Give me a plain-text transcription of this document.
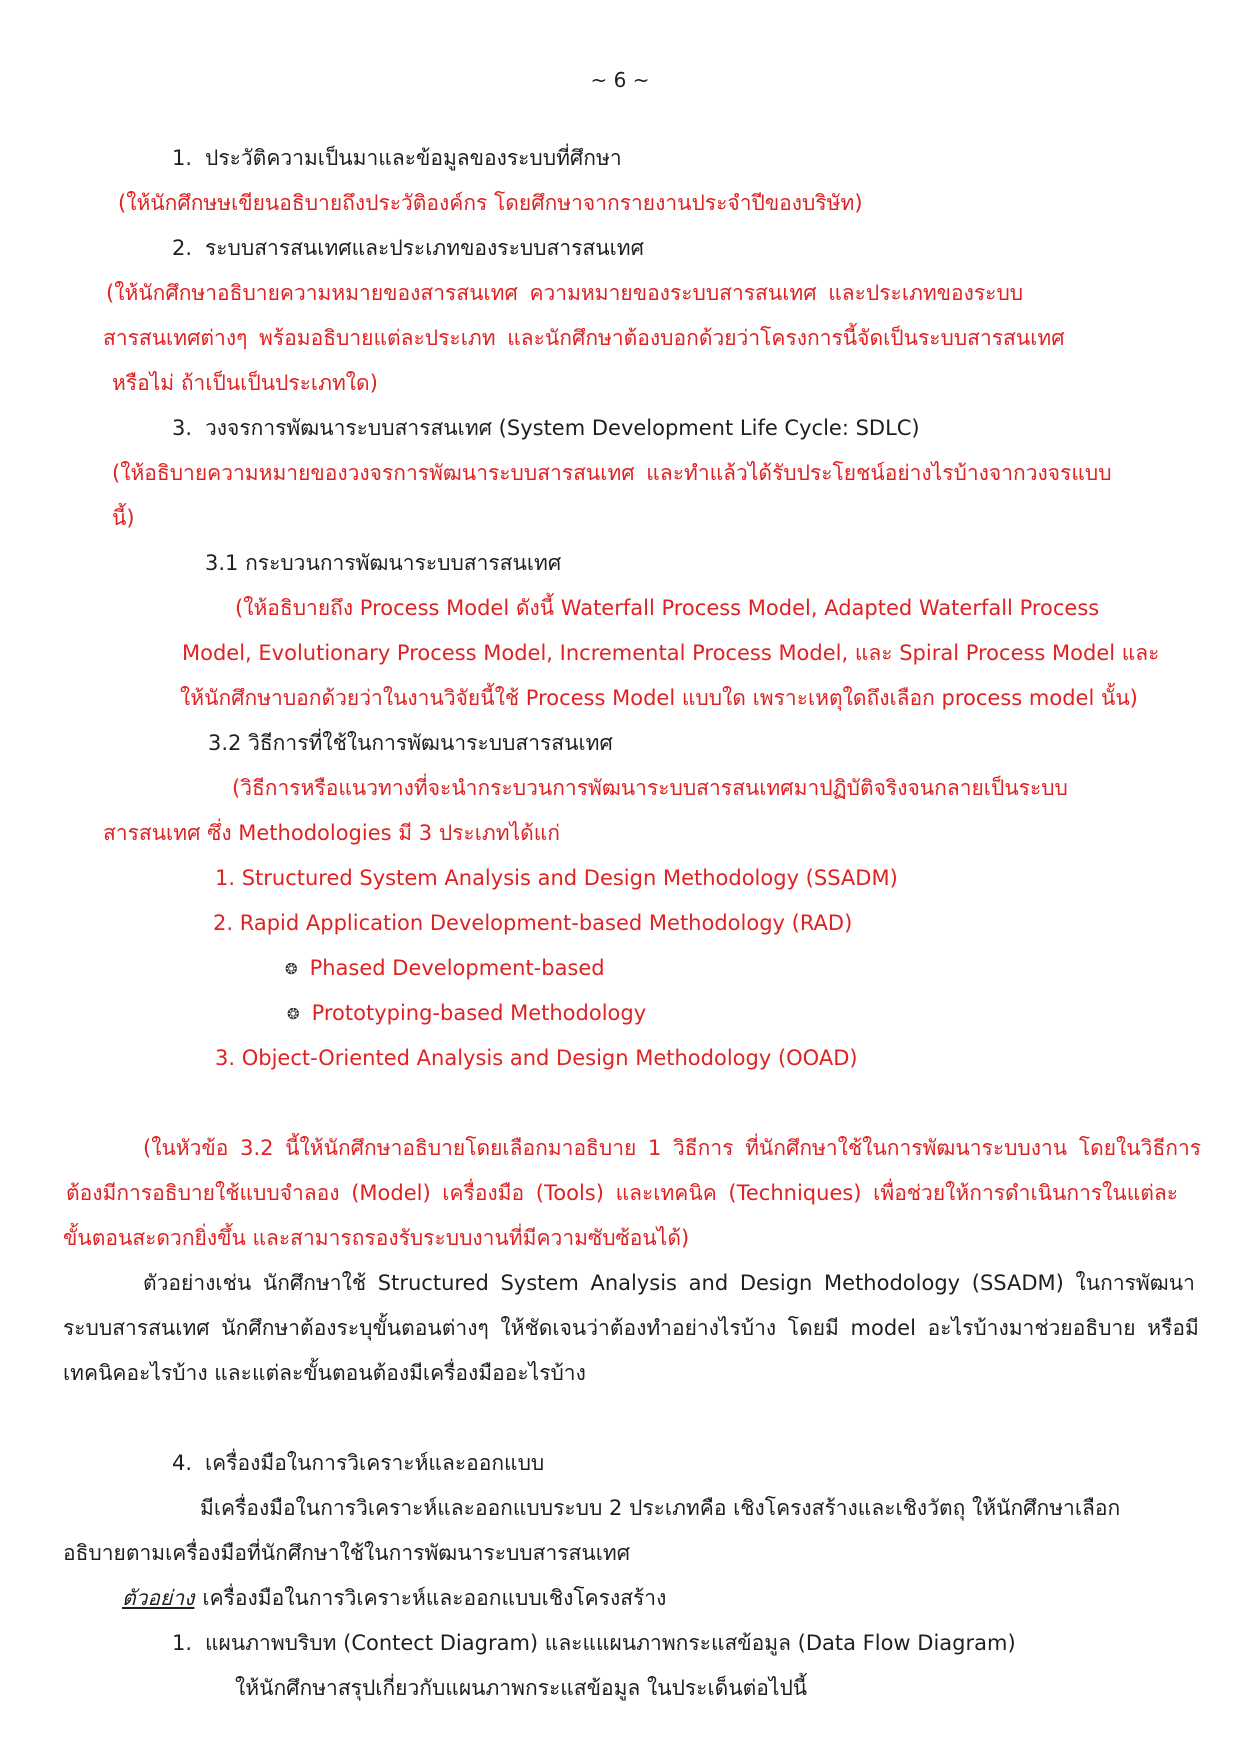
~ 6 ~
1. ประวัติความเป็นมาและข้อมูลของระบบที่ศึกษา
(ให้นักศึกษษเขียนอธิบายถึงประวัติองค์กร โดยศึกษาจากรายงานประจำปีของบริษัท)
2. ระบบสารสนเทศและประเภทของระบบสารสนเทศ
(ให้นักศึกษาอธิบายความหมายของสารสนเทศ ความหมายของระบบสารสนเทศ และประเภทของระบบ
สารสนเทศต่างๆ พร้อมอธิบายแต่ละประเภท และนักศึกษาต้องบอกด้วยว่าโครงการนี้จัดเป็นระบบสารสนเทศ
หรือไม่ ถ้าเป็นเป็นประเภทใด)
3. วงจรการพัฒนาระบบสารสนเทศ (System Development Life Cycle: SDLC)
(ให้อธิบายความหมายของวงจรการพัฒนาระบบสารสนเทศ และทำแล้วได้รับประโยชน์อย่างไรบ้างจากวงจรแบบ
นี้)
3.1 กระบวนการพัฒนาระบบสารสนเทศ
(ให้อธิบายถึง Process Model ดังนี้ Waterfall Process Model, Adapted Waterfall Process
Model, Evolutionary Process Model, Incremental Process Model, และ Spiral Process Model และ
ให้นักศึกษาบอกด้วยว่าในงานวิจัยนี้ใช้ Process Model แบบใด เพราะเหตุใดถึงเลือก process model นั้น)
3.2 วิธีการที่ใช้ในการพัฒนาระบบสารสนเทศ
(วิธีการหรือแนวทางที่จะนำกระบวนการพัฒนาระบบสารสนเทศมาปฏิบัติจริงจนกลายเป็นระบบ
สารสนเทศ ซึ่ง Methodologies มี 3 ประเภทได้แก่
1. Structured System Analysis and Design Methodology (SSADM)
2. Rapid Application Development-based Methodology (RAD)
❂ Phased Development-based
❂ Prototyping-based Methodology
3. Object-Oriented Analysis and Design Methodology (OOAD)
(ในหัวข้อ 3.2 นี้ให้นักศึกษาอธิบายโดยเลือกมาอธิบาย 1 วิธีการ ที่นักศึกษาใช้ในการพัฒนาระบบงาน โดยในวิธีการ
ต้องมีการอธิบายใช้แบบจำลอง (Model) เครื่องมือ (Tools) และเทคนิค (Techniques) เพื่อช่วยให้การดำเนินการในแต่ละ
ขั้นตอนสะดวกยิ่งขึ้น และสามารถรองรับระบบงานที่มีความซับซ้อนได้)
ตัวอย่างเช่น นักศึกษาใช้ Structured System Analysis and Design Methodology (SSADM) ในการพัฒนา
ระบบสารสนเทศ นักศึกษาต้องระบุขั้นตอนต่างๆ ให้ชัดเจนว่าต้องทำอย่างไรบ้าง โดยมี model อะไรบ้างมาช่วยอธิบาย หรือมี
เทคนิคอะไรบ้าง และแต่ละขั้นตอนต้องมีเครื่องมืออะไรบ้าง
4. เครื่องมือในการวิเคราะห์และออกแบบ
มีเครื่องมือในการวิเคราะห์และออกแบบระบบ 2 ประเภทคือ เชิงโครงสร้างและเชิงวัตถุ ให้นักศึกษาเลือก
อธิบายตามเครื่องมือที่นักศึกษาใช้ในการพัฒนาระบบสารสนเทศ
ตัวอย่าง เครื่องมือในการวิเคราะห์และออกแบบเชิงโครงสร้าง
1. แผนภาพบริบท (Contect Diagram) และแแผนภาพกระแสข้อมูล (Data Flow Diagram)
ให้นักศึกษาสรุปเกี่ยวกับแผนภาพกระแสข้อมูล ในประเด็นต่อไปนี้
